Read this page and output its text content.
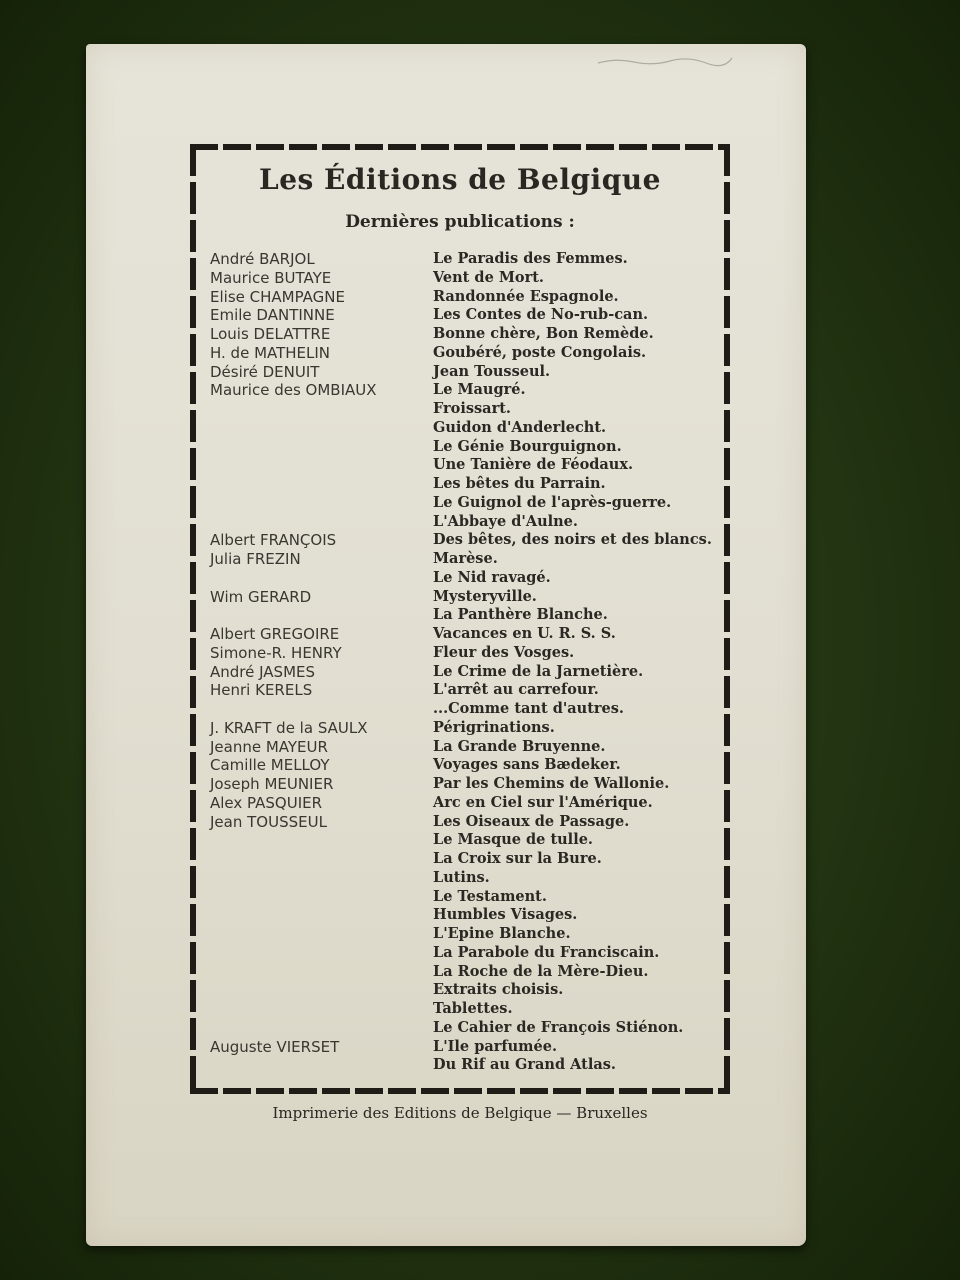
Les Éditions de Belgique
Dernières publications :
André BARJOL	Le Paradis des Femmes.
Maurice BUTAYE	Vent de Mort.
Elise CHAMPAGNE	Randonnée Espagnole.
Emile DANTINNE	Les Contes de No-rub-can.
Louis DELATTRE	Bonne chère, Bon Remède.
H. de MATHELIN	Goubéré, poste Congolais.
Désiré DENUIT	Jean Tousseul.
Maurice des OMBIAUX	Le Maugré.
Froissart.
Guidon d'Anderlecht.
Le Génie Bourguignon.
Une Tanière de Féodaux.
Les bêtes du Parrain.
Le Guignol de l'après-guerre.
L'Abbaye d'Aulne.
Albert FRANÇOIS	Des bêtes, des noirs et des blancs.
Julia FREZIN	Marèse.
Le Nid ravagé.
Wim GERARD	Mysteryville.
La Panthère Blanche.
Albert GREGOIRE	Vacances en U. R. S. S.
Simone-R. HENRY	Fleur des Vosges.
André JASMES	Le Crime de la Jarnetière.
Henri KERELS	L'arrêt au carrefour.
...Comme tant d'autres.
J. KRAFT de la SAULX	Périgrinations.
Jeanne MAYEUR	La Grande Bruyenne.
Camille MELLOY	Voyages sans Bædeker.
Joseph MEUNIER	Par les Chemins de Wallonie.
Alex PASQUIER	Arc en Ciel sur l'Amérique.
Jean TOUSSEUL	Les Oiseaux de Passage.
Le Masque de tulle.
La Croix sur la Bure.
Lutins.
Le Testament.
Humbles Visages.
L'Epine Blanche.
La Parabole du Franciscain.
La Roche de la Mère-Dieu.
Extraits choisis.
Tablettes.
Le Cahier de François Stiénon.
Auguste VIERSET	L'Ile parfumée.
Du Rif au Grand Atlas.
Imprimerie des Editions de Belgique — Bruxelles
